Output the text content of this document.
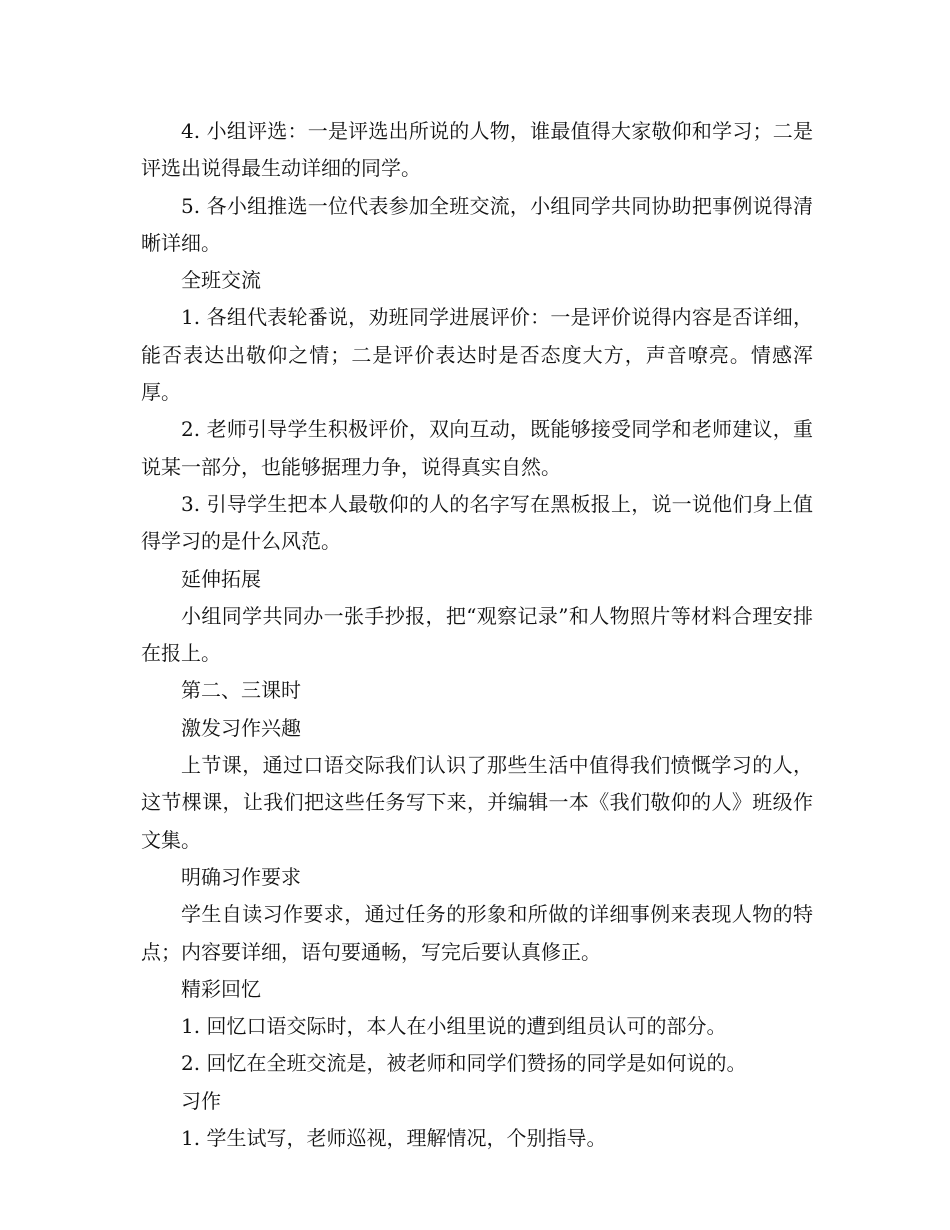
4. 小组评选：一是评选出所说的人物，谁最值得大家敬仰和学习；二是评选出说得最生动详细的同学。

5. 各小组推选一位代表参加全班交流，小组同学共同协助把事例说得清晰详细。

全班交流

1. 各组代表轮番说，劝班同学进展评价：一是评价说得内容是否详细，能否表达出敬仰之情；二是评价表达时是否态度大方，声音嘹亮。情感浑厚。

2. 老师引导学生积极评价，双向互动，既能够接受同学和老师建议，重说某一部分，也能够据理力争，说得真实自然。

3. 引导学生把本人最敬仰的人的名字写在黑板报上，说一说他们身上值得学习的是什么风范。

延伸拓展

小组同学共同办一张手抄报，把“观察记录”和人物照片等材料合理安排在报上。

第二、三课时

激发习作兴趣

上节课，通过口语交际我们认识了那些生活中值得我们愤慨学习的人，这节棵课，让我们把这些任务写下来，并编辑一本《我们敬仰的人》班级作文集。

明确习作要求

学生自读习作要求，通过任务的形象和所做的详细事例来表现人物的特点；内容要详细，语句要通畅，写完后要认真修正。

精彩回忆

1. 回忆口语交际时，本人在小组里说的遭到组员认可的部分。

2. 回忆在全班交流是，被老师和同学们赞扬的同学是如何说的。

习作

1. 学生试写，老师巡视，理解情况，个别指导。
